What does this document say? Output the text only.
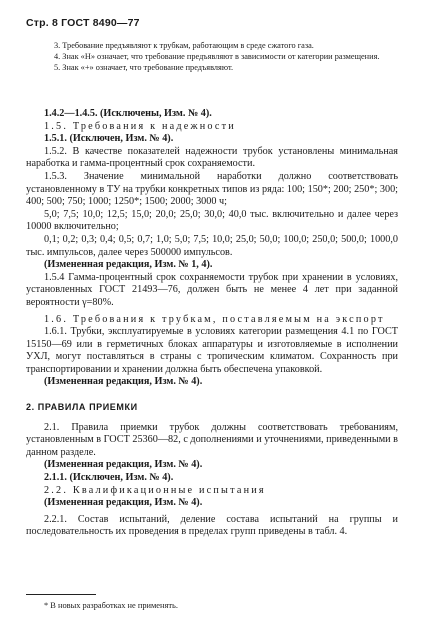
Стр. 8 ГОСТ 8490—77

3. Требование предъявляют к трубкам, работающим в среде сжатого газа.

4. Знак «Н» означает, что требование предъявляют в зависимости от категории размещения.

5. Знак «+» означает, что требование предъявляют.

1.4.2—1.4.5. (Исключены, Изм. № 4).

1.5. Требования к надежности

1.5.1. (Исключен, Изм. № 4).

1.5.2. В качестве показателей надежности трубок установлены минимальная наработка и гамма-процентный срок сохраняемости.

1.5.3. Значение минимальной наработки должно соответствовать установленному в ТУ на трубки конкретных типов из ряда: 100; 150*; 200; 250*; 300; 400; 500; 750; 1000; 1250*; 1500; 2000; 3000 ч;

5,0; 7,5; 10,0; 12,5; 15,0; 20,0; 25,0; 30,0; 40,0 тыс. включительно и далее через 10000 включительно;

0,1; 0,2; 0,3; 0,4; 0,5; 0,7; 1,0; 5,0; 7,5; 10,0; 25,0; 50,0; 100,0; 250,0; 500,0; 1000,0 тыс. импульсов, далее через 500000 импульсов.

(Измененная редакция, Изм. № 1, 4).

1.5.4 Гамма-процентный срок сохраняемости трубок при хранении в условиях, установленных ГОСТ 21493—76, должен быть не менее 4 лет при заданной вероятности γ=80%.

1.6. Требования к трубкам, поставляемым на экспорт

1.6.1. Трубки, эксплуатируемые в условиях категории размещения 4.1 по ГОСТ 15150—69 или в герметичных блоках аппаратуры и изготовляемые в исполнении УХЛ, могут поставляться в страны с тропическим климатом. Сохранность при транспортировании и хранении должна быть обеспечена упаковкой.

(Измененная редакция, Изм. № 4).

2. ПРАВИЛА ПРИЕМКИ

2.1. Правила приемки трубок должны соответствовать требованиям, установленным в ГОСТ 25360—82, с дополнениями и уточнениями, приведенными в данном разделе.

(Измененная редакция, Изм. № 4).

2.1.1. (Исключен, Изм. № 4).

2.2. Квалификационные испытания

(Измененная редакция, Изм. № 4).

2.2.1. Состав испытаний, деление состава испытаний на группы и последовательность их проведения в пределах групп приведены в табл. 4.

* В новых разработках не применять.
